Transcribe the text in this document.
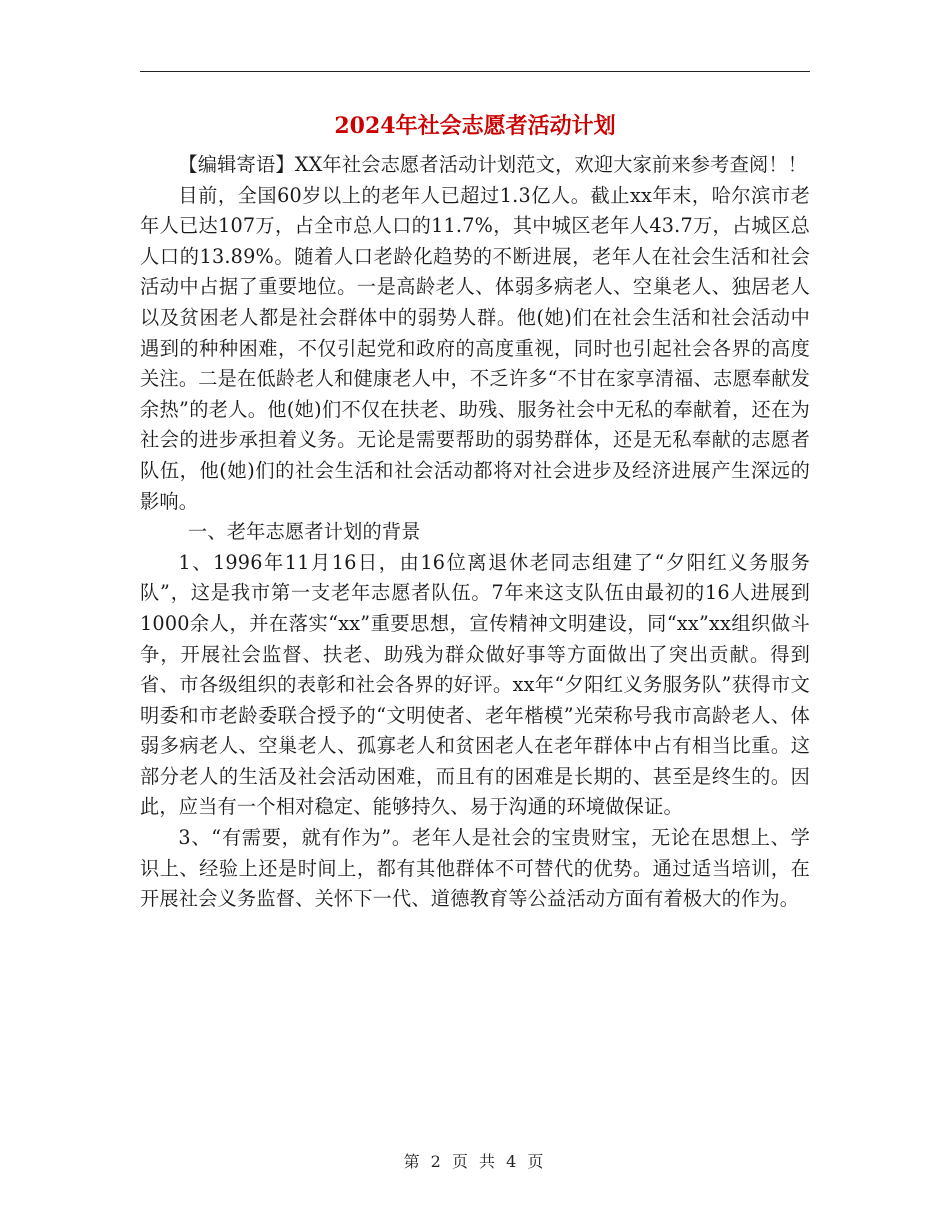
2024年社会志愿者活动计划

【编辑寄语】XX年社会志愿者活动计划范文，欢迎大家前来参考查阅！！

目前，全国60岁以上的老年人已超过1.3亿人。截止xx年末，哈尔滨市老年人已达107万，占全市总人口的11.7%，其中城区老年人43.7万，占城区总人口的13.89%。随着人口老龄化趋势的不断进展，老年人在社会生活和社会活动中占据了重要地位。一是高龄老人、体弱多病老人、空巢老人、独居老人以及贫困老人都是社会群体中的弱势人群。他(她)们在社会生活和社会活动中遇到的种种困难，不仅引起党和政府的高度重视，同时也引起社会各界的高度关注。二是在低龄老人和健康老人中，不乏许多“不甘在家享清福、志愿奉献发余热”的老人。他(她)们不仅在扶老、助残、服务社会中无私的奉献着，还在为社会的进步承担着义务。无论是需要帮助的弱势群体，还是无私奉献的志愿者队伍，他(她)们的社会生活和社会活动都将对社会进步及经济进展产生深远的影响。

一、老年志愿者计划的背景

1、1996年11月16日，由16位离退休老同志组建了“夕阳红义务服务队”，这是我市第一支老年志愿者队伍。7年来这支队伍由最初的16人进展到1000余人，并在落实“xx”重要思想，宣传精神文明建设，同“xx”xx组织做斗争，开展社会监督、扶老、助残为群众做好事等方面做出了突出贡献。得到省、市各级组织的表彰和社会各界的好评。xx年“夕阳红义务服务队”获得市文明委和市老龄委联合授予的“文明使者、老年楷模”光荣称号我市高龄老人、体弱多病老人、空巢老人、孤寡老人和贫困老人在老年群体中占有相当比重。这部分老人的生活及社会活动困难，而且有的困难是长期的、甚至是终生的。因此，应当有一个相对稳定、能够持久、易于沟通的环境做保证。

3、“有需要，就有作为”。老年人是社会的宝贵财宝，无论在思想上、学识上、经验上还是时间上，都有其他群体不可替代的优势。通过适当培训，在开展社会义务监督、关怀下一代、道德教育等公益活动方面有着极大的作为。

第 2 页 共 4 页
